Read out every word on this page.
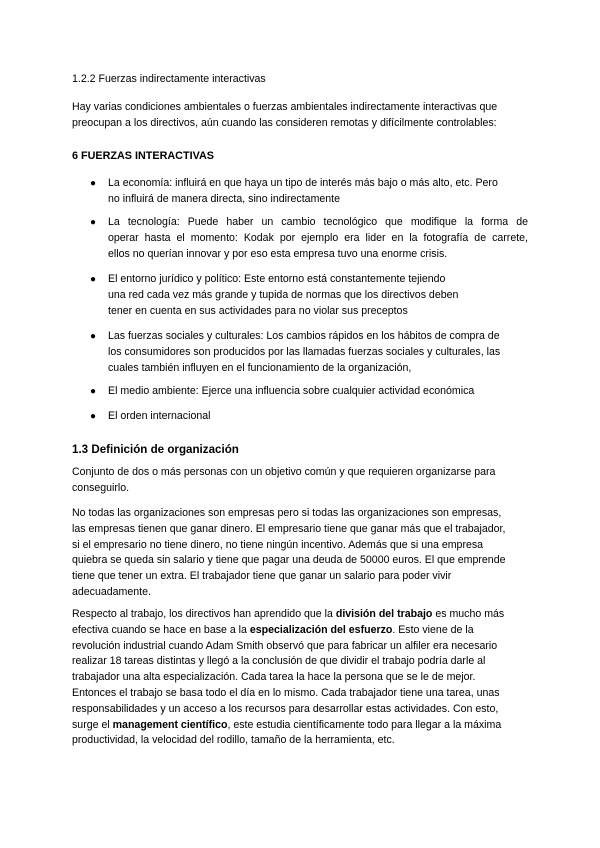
1.2.2 Fuerzas indirectamente interactivas
Hay varias condiciones ambientales o fuerzas ambientales indirectamente interactivas que
preocupan a los directivos, aún cuando las consideren remotas y difícilmente controlables:
6 FUERZAS INTERACTIVAS
● La economía: influirá en que haya un tipo de interés más bajo o más alto, etc. Pero
no influirá de manera directa, sino indirectamente
● La tecnología: Puede haber un cambio tecnológico que modifique la forma de
operar hasta el momento: Kodak por ejemplo era lider en la fotografía de carrete,
ellos no querían innovar y por eso esta empresa tuvo una enorme crisis.
● El entorno jurídico y político: Este entorno está constantemente tejiendo
una red cada vez más grande y tupida de normas que los directivos deben
tener en cuenta en sus actividades para no violar sus preceptos
● Las fuerzas sociales y culturales: Los cambios rápidos en los hábitos de compra de
los consumidores son producidos por las llamadas fuerzas sociales y culturales, las
cuales también influyen en el funcionamiento de la organización,
● El medio ambiente: Ejerce una influencia sobre cualquier actividad económica
● El orden internacional
1.3 Definición de organización
Conjunto de dos o más personas con un objetivo común y que requieren organizarse para
conseguirlo.
No todas las organizaciones son empresas pero si todas las organizaciones son empresas,
las empresas tienen que ganar dinero. El empresario tiene que ganar más que el trabajador,
si el empresario no tiene dinero, no tiene ningún incentivo. Además que si una empresa
quiebra se queda sin salario y tiene que pagar una deuda de 50000 euros. El que emprende
tiene que tener un extra. El trabajador tiene que ganar un salario para poder vivir
adecuadamente.
Respecto al trabajo, los directivos han aprendido que la división del trabajo es mucho más
efectiva cuando se hace en base a la especialización del esfuerzo. Esto viene de la
revolución industrial cuando Adam Smith observó que para fabricar un alfiler era necesario
realizar 18 tareas distintas y llegó a la conclusión de que dividir el trabajo podría darle al
trabajador una alta especialización. Cada tarea la hace la persona que se le de mejor.
Entonces el trabajo se basa todo el día en lo mismo. Cada trabajador tiene una tarea, unas
responsabilidades y un acceso a los recursos para desarrollar estas actividades. Con esto,
surge el management científico, este estudia científicamente todo para llegar a la máxima
productividad, la velocidad del rodillo, tamaño de la herramienta, etc.
